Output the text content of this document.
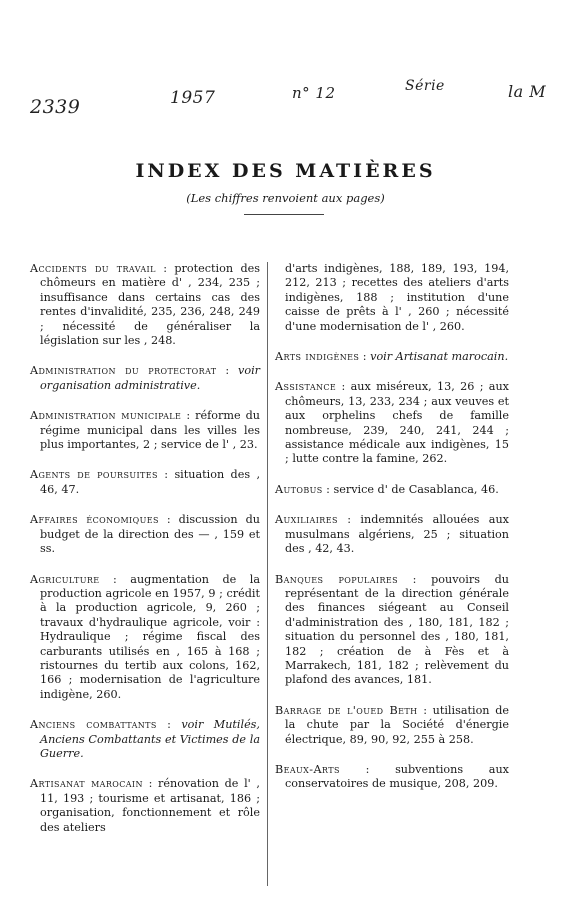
2339	1957	n° 12	Série	la M
INDEX DES MATIÈRES
(Les chiffres renvoient aux pages)

Accidents du travail : protection des chômeurs en matière d' , 234, 235 ; insuffisance dans certains cas des rentes d'invalidité, 235, 236, 248, 249 ; nécessité de généraliser la législation sur les , 248.

Administration du protectorat : voir organisation administrative.

Administration municipale : réforme du régime municipal dans les villes les plus importantes, 2 ; service de l' , 23.

Agents de poursuites : situation des , 46, 47.

Affaires économiques : discussion du budget de la direction des — , 159 et ss.

Agriculture : augmentation de la production agricole en 1957, 9 ; crédit à la production agricole, 9, 260 ; travaux d'hydraulique agricole, voir : Hydraulique ; régime fiscal des carburants utilisés en , 165 à 168 ; ristournes du tertib aux colons, 162, 166 ; modernisation de l'agriculture indigène, 260.

Anciens combattants : voir Mutilés, Anciens Combattants et Victimes de la Guerre.

Artisanat marocain : rénovation de l' , 11, 193 ; tourisme et artisanat, 186 ; organisation, fonctionnement et rôle des ateliers

d'arts indigènes, 188, 189, 193, 194, 212, 213 ; recettes des ateliers d'arts indigènes, 188 ; institution d'une caisse de prêts à l' , 260 ; nécessité d'une modernisation de l' , 260.

Arts indigènes : voir Artisanat marocain.

Assistance : aux miséreux, 13, 26 ; aux chômeurs, 13, 233, 234 ; aux veuves et aux orphelins chefs de famille nombreuse, 239, 240, 241, 244 ; assistance médicale aux indigènes, 15 ; lutte contre la famine, 262.

Autobus : service d' de Casablanca, 46.

Auxiliaires : indemnités allouées aux musulmans algériens, 25 ; situation des , 42, 43.

Banques populaires : pouvoirs du représentant de la direction générale des finances siégeant au Conseil d'administration des , 180, 181, 182 ; situation du personnel des , 180, 181, 182 ; création de à Fès et à Marrakech, 181, 182 ; relèvement du plafond des avances, 181.

Barrage de l'oued Beth : utilisation de la chute par la Société d'énergie électrique, 89, 90, 92, 255 à 258.

Beaux-Arts : subventions aux conservatoires de musique, 208, 209.
